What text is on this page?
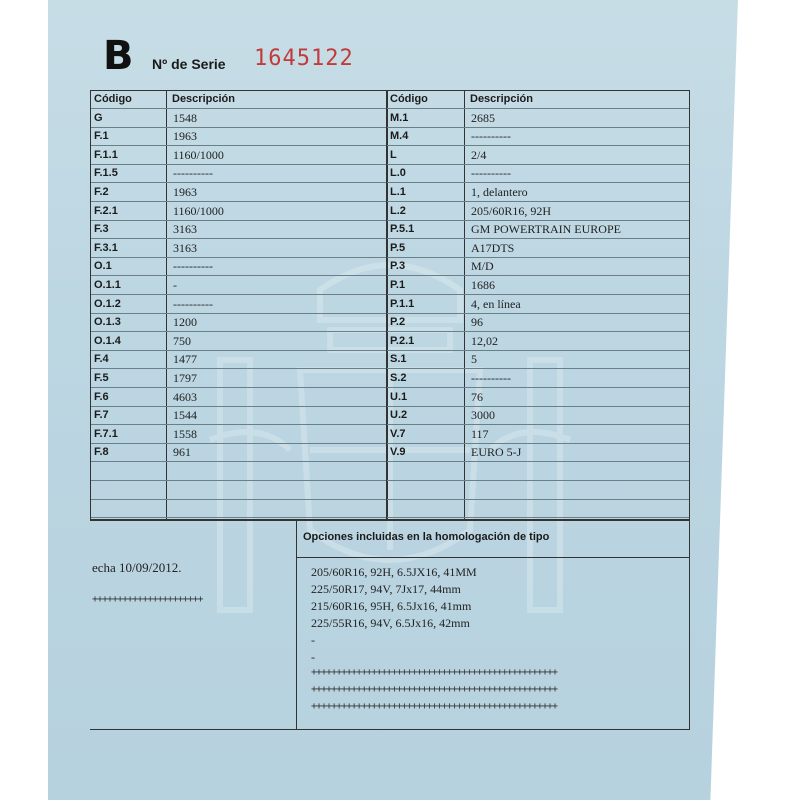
B Nº de Serie 1645122
Código	Descripción
G	1548
F.1	1963
F.1.1	1160/1000
F.1.5	----------
F.2	1963
F.2.1	1160/1000
F.3	3163
F.3.1	3163
O.1	----------
O.1.1	-
O.1.2	----------
O.1.3	1200
O.1.4	750
F.4	1477
F.5	1797
F.6	4603
F.7	1544
F.7.1	1558
F.8	961
Código	Descripción
M.1	2685
M.4	----------
L	2/4
L.0	----------
L.1	1, delantero
L.2	205/60R16, 92H
P.5.1	GM POWERTRAIN EUROPE
P.5	A17DTS
P.3	M/D
P.1	1686
P.1.1	4, en línea
P.2	96
P.2.1	12,02
S.1	5
S.2	----------
U.1	76
U.2	3000
V.7	117
V.9	EURO 5-J
echa 10/09/2012.
++++++++++++++++++++++
Opciones incluidas en la homologación de tipo
205/60R16, 92H, 6.5JX16, 41MM
225/50R17, 94V, 7Jx17, 44mm
215/60R16, 95H, 6.5Jx16, 41mm
225/55R16, 94V, 6.5Jx16, 42mm
-
-
+++++++++++++++++++++++++++++++++++++++++++++++++
+++++++++++++++++++++++++++++++++++++++++++++++++
+++++++++++++++++++++++++++++++++++++++++++++++++
